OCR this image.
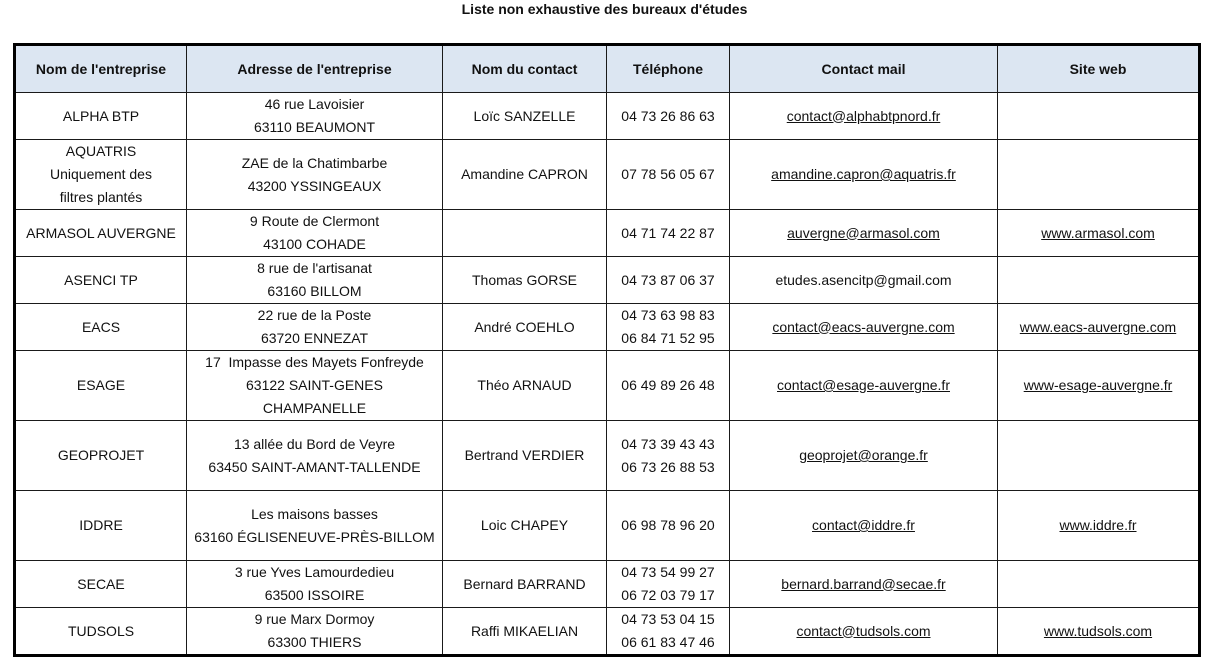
Liste non exhaustive des bureaux d'études
Nom de l'entreprise	Adresse de l'entreprise	Nom du contact	Téléphone	Contact mail	Site web

ALPHA BTP	46 rue Lavoisier
63110 BEAUMONT	Loïc SANZELLE	04 73 26 86 63	contact@alphabtpnord.fr	

AQUATRIS
Uniquement des
filtres plantés	ZAE de la Chatimbarbe
43200 YSSINGEAUX	Amandine CAPRON	07 78 56 05 67	amandine.capron@aquatris.fr	

ARMASOL AUVERGNE	9 Route de Clermont
43100 COHADE		04 71 74 22 87	auvergne@armasol.com	www.armasol.com

ASENCI TP	8 rue de l'artisanat
63160 BILLOM	Thomas GORSE	04 73 87 06 37	etudes.asencitp@gmail.com	

EACS	22 rue de la Poste
63720 ENNEZAT	André COEHLO	04 73 63 98 83
06 84 71 52 95	contact@eacs-auvergne.com	www.eacs-auvergne.com

ESAGE	17  Impasse des Mayets Fonfreyde
63122 SAINT-GENES
CHAMPANELLE	Théo ARNAUD	06 49 89 26 48	contact@esage-auvergne.fr	www-esage-auvergne.fr

GEOPROJET	13 allée du Bord de Veyre
63450 SAINT-AMANT-TALLENDE	Bertrand VERDIER	04 73 39 43 43
06 73 26 88 53	geoprojet@orange.fr	

IDDRE	Les maisons basses
63160 ÉGLISENEUVE-PRÈS-BILLOM	Loic CHAPEY	06 98 78 96 20	contact@iddre.fr	www.iddre.fr

SECAE	3 rue Yves Lamourdedieu
63500 ISSOIRE	Bernard BARRAND	04 73 54 99 27
06 72 03 79 17	bernard.barrand@secae.fr	

TUDSOLS	9 rue Marx Dormoy
63300 THIERS	Raffi MIKAELIAN	04 73 53 04 15
06 61 83 47 46	contact@tudsols.com	www.tudsols.com
